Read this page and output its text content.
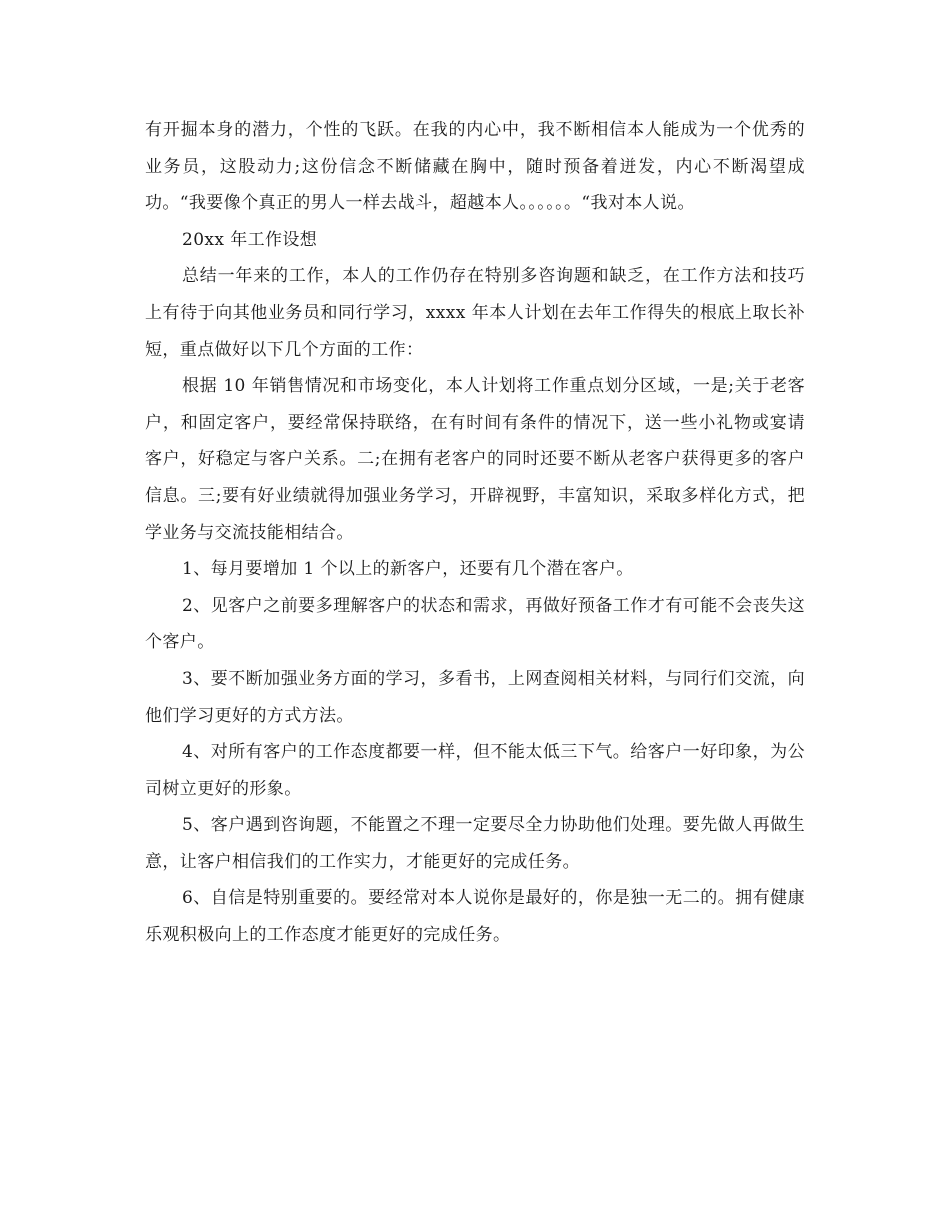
有开掘本身的潜力，个性的飞跃。在我的内心中，我不断相信本人能成为一个优秀的业务员，这股动力;这份信念不断储藏在胸中，随时预备着迸发，内心不断渴望成功。“我要像个真正的男人一样去战斗，超越本人。。。。。。“我对本人说。

20xx 年工作设想

总结一年来的工作，本人的工作仍存在特别多咨询题和缺乏，在工作方法和技巧上有待于向其他业务员和同行学习，xxxx 年本人计划在去年工作得失的根底上取长补短，重点做好以下几个方面的工作：

根据 10 年销售情况和市场变化，本人计划将工作重点划分区域，一是;关于老客户，和固定客户，要经常保持联络，在有时间有条件的情况下，送一些小礼物或宴请客户，好稳定与客户关系。二;在拥有老客户的同时还要不断从老客户获得更多的客户信息。三;要有好业绩就得加强业务学习，开辟视野，丰富知识，采取多样化方式，把学业务与交流技能相结合。

1、每月要增加 1 个以上的新客户，还要有几个潜在客户。

2、见客户之前要多理解客户的状态和需求，再做好预备工作才有可能不会丧失这个客户。

3、要不断加强业务方面的学习，多看书，上网查阅相关材料，与同行们交流，向他们学习更好的方式方法。

4、对所有客户的工作态度都要一样，但不能太低三下气。给客户一好印象，为公司树立更好的形象。

5、客户遇到咨询题，不能置之不理一定要尽全力协助他们处理。要先做人再做生意，让客户相信我们的工作实力，才能更好的完成任务。

6、自信是特别重要的。要经常对本人说你是最好的，你是独一无二的。拥有健康乐观积极向上的工作态度才能更好的完成任务。
